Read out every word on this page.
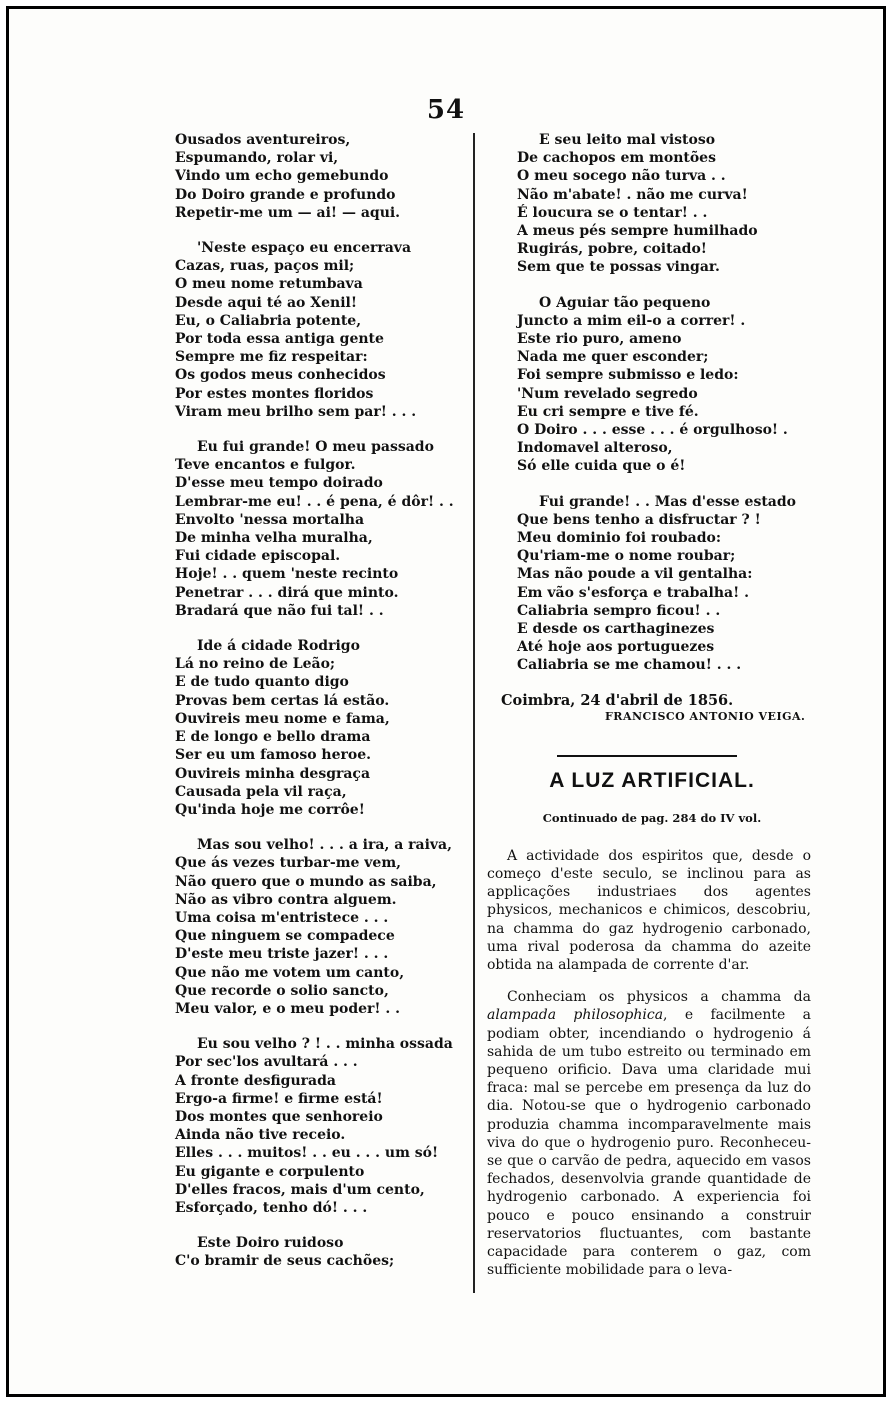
54
Ousados aventureiros,
Espumando, rolar vi,
Vindo um echo gemebundo
Do Doiro grande e profundo
Repetir-me um — ai! — aqui.
'Neste espaço eu encerrava
Cazas, ruas, paços mil;
O meu nome retumbava
Desde aqui té ao Xenil!
Eu, o Caliabria potente,
Por toda essa antiga gente
Sempre me fiz respeitar:
Os godos meus conhecidos
Por estes montes floridos
Viram meu brilho sem par! . . .
Eu fui grande! O meu passado
Teve encantos e fulgor.
D'esse meu tempo doirado
Lembrar-me eu! . . é pena, é dôr! . .
Envolto 'nessa mortalha
De minha velha muralha,
Fui cidade episcopal.
Hoje! . . quem 'neste recinto
Penetrar . . . dirá que minto.
Bradará que não fui tal! . .
Ide á cidade Rodrigo
Lá no reino de Leão;
E de tudo quanto digo
Provas bem certas lá estão.
Ouvireis meu nome e fama,
E de longo e bello drama
Ser eu um famoso heroe.
Ouvireis minha desgraça
Causada pela vil raça,
Qu'inda hoje me corrôe!
Mas sou velho! . . . a ira, a raiva,
Que ás vezes turbar-me vem,
Não quero que o mundo as saiba,
Não as vibro contra alguem.
Uma coisa m'entristece . . .
Que ninguem se compadece
D'este meu triste jazer! . . .
Que não me votem um canto,
Que recorde o solio sancto,
Meu valor, e o meu poder! . .
Eu sou velho ? ! . . minha ossada
Por sec'los avultará . . .
A fronte desfigurada
Ergo-a firme! e firme está!
Dos montes que senhoreio
Ainda não tive receio.
Elles . . . muitos! . . eu . . . um só!
Eu gigante e corpulento
D'elles fracos, mais d'um cento,
Esforçado, tenho dó! . . .
Este Doiro ruidoso
C'o bramir de seus cachões;
E seu leito mal vistoso
De cachopos em montões
O meu socego não turva . .
Não m'abate! . não me curva!
É loucura se o tentar! . .
A meus pés sempre humilhado
Rugirás, pobre, coitado!
Sem que te possas vingar.
O Aguiar tão pequeno
Juncto a mim eil-o a correr! .
Este rio puro, ameno
Nada me quer esconder;
Foi sempre submisso e ledo:
'Num revelado segredo
Eu cri sempre e tive fé.
O Doiro . . . esse . . . é orgulhoso! .
Indomavel alteroso,
Só elle cuida que o é!
Fui grande! . . Mas d'esse estado
Que bens tenho a disfructar ? !
Meu dominio foi roubado:
Qu'riam-me o nome roubar;
Mas não poude a vil gentalha:
Em vão s'esforça e trabalha! .
Caliabria sempro ficou! . .
E desde os carthaginezes
Até hoje aos portuguezes
Caliabria se me chamou! . . .
Coimbra, 24 d'abril de 1856.
FRANCISCO ANTONIO VEIGA.
A LUZ ARTIFICIAL.
Continuado de pag. 284 do IV vol.

A actividade dos espiritos que, desde o começo d'este seculo, se inclinou para as applicações industriaes dos agentes physicos, mechanicos e chimicos, descobriu, na chamma do gaz hydrogenio carbonado, uma rival poderosa da chamma do azeite obtida na alampada de corrente d'ar.

Conheciam os physicos a chamma da alampada philosophica, e facilmente a podiam obter, incendiando o hydrogenio á sahida de um tubo estreito ou terminado em pequeno orificio. Dava uma claridade mui fraca: mal se percebe em presença da luz do dia. Notou-se que o hydrogenio carbonado produzia chamma incomparavelmente mais viva do que o hydrogenio puro. Reconheceu-se que o carvão de pedra, aquecido em vasos fechados, desenvolvia grande quantidade de hydrogenio carbonado. A experiencia foi pouco e pouco ensinando a construir reservatorios fluctuantes, com bastante capacidade para conterem o gaz, com sufficiente mobilidade para o leva-
